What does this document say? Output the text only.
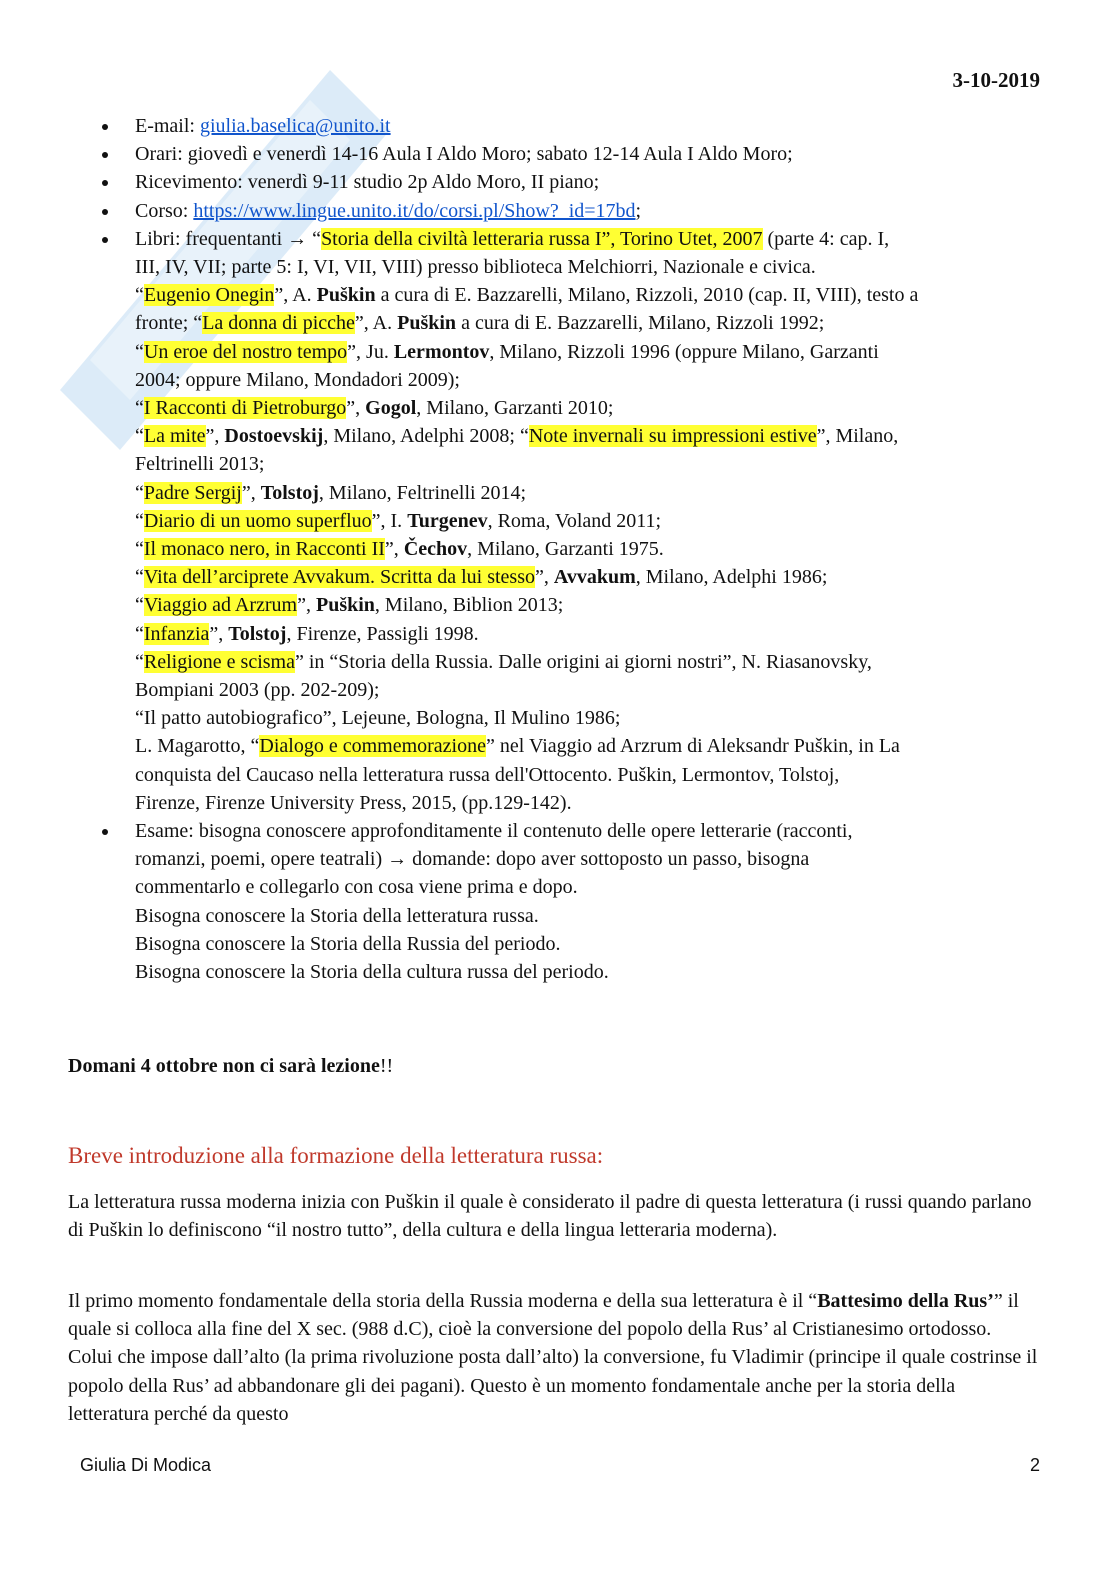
3-10-2019
E-mail: giulia.baselica@unito.it
Orari: giovedì e venerdì 14-16 Aula I Aldo Moro; sabato 12-14 Aula I Aldo Moro;
Ricevimento: venerdì 9-11 studio 2p Aldo Moro, II piano;
Corso: https://www.lingue.unito.it/do/corsi.pl/Show?_id=17bd;
Libri: frequentanti → “Storia della civiltà letteraria russa I”, Torino Utet, 2007 (parte 4: cap. I,
III, IV, VII; parte 5: I, VI, VII, VIII) presso biblioteca Melchiorri, Nazionale e civica.
“Eugenio Onegin”, A. Puškin a cura di E. Bazzarelli, Milano, Rizzoli, 2010 (cap. II, VIII), testo a
fronte; “La donna di picche”, A. Puškin a cura di E. Bazzarelli, Milano, Rizzoli 1992;
“Un eroe del nostro tempo”, Ju. Lermontov, Milano, Rizzoli 1996 (oppure Milano, Garzanti
2004; oppure Milano, Mondadori 2009);
“I Racconti di Pietroburgo”, Gogol, Milano, Garzanti 2010;
“La mite”, Dostoevskij, Milano, Adelphi 2008; “Note invernali su impressioni estive”, Milano,
Feltrinelli 2013;
“Padre Sergij”, Tolstoj, Milano, Feltrinelli 2014;
“Diario di un uomo superfluo”, I. Turgenev, Roma, Voland 2011;
“Il monaco nero, in Racconti II”, Čechov, Milano, Garzanti 1975.
“Vita dell’arciprete Avvakum. Scritta da lui stesso”, Avvakum, Milano, Adelphi 1986;
“Viaggio ad Arzrum”, Puškin, Milano, Biblion 2013;
“Infanzia”, Tolstoj, Firenze, Passigli 1998.
“Religione e scisma” in “Storia della Russia. Dalle origini ai giorni nostri”, N. Riasanovsky,
Bompiani 2003 (pp. 202-209);
“Il patto autobiografico”, Lejeune, Bologna, Il Mulino 1986;
L. Magarotto, “Dialogo e commemorazione” nel Viaggio ad Arzrum di Aleksandr Puškin, in La
conquista del Caucaso nella letteratura russa dell'Ottocento. Puškin, Lermontov, Tolstoj,
Firenze, Firenze University Press, 2015, (pp.129-142).
Esame: bisogna conoscere approfonditamente il contenuto delle opere letterarie (racconti,
romanzi, poemi, opere teatrali) → domande: dopo aver sottoposto un passo, bisogna
commentarlo e collegarlo con cosa viene prima e dopo.
Bisogna conoscere la Storia della letteratura russa.
Bisogna conoscere la Storia della Russia del periodo.
Bisogna conoscere la Storia della cultura russa del periodo.
Domani 4 ottobre non ci sarà lezione!!
Breve introduzione alla formazione della letteratura russa:

La letteratura russa moderna inizia con Puškin il quale è considerato il padre di questa letteratura (i russi quando parlano di Puškin lo definiscono “il nostro tutto”, della cultura e della lingua letteraria moderna).

Il primo momento fondamentale della storia della Russia moderna e della sua letteratura è il “Battesimo della Rus’” il quale si colloca alla fine del X sec. (988 d.C), cioè la conversione del popolo della Rus’ al Cristianesimo ortodosso. Colui che impose dall’alto (la prima rivoluzione posta dall’alto) la conversione, fu Vladimir (principe il quale costrinse il popolo della Rus’ ad abbandonare gli dei pagani). Questo è un momento fondamentale anche per la storia della letteratura perché da questo

Giulia Di Modica	2
